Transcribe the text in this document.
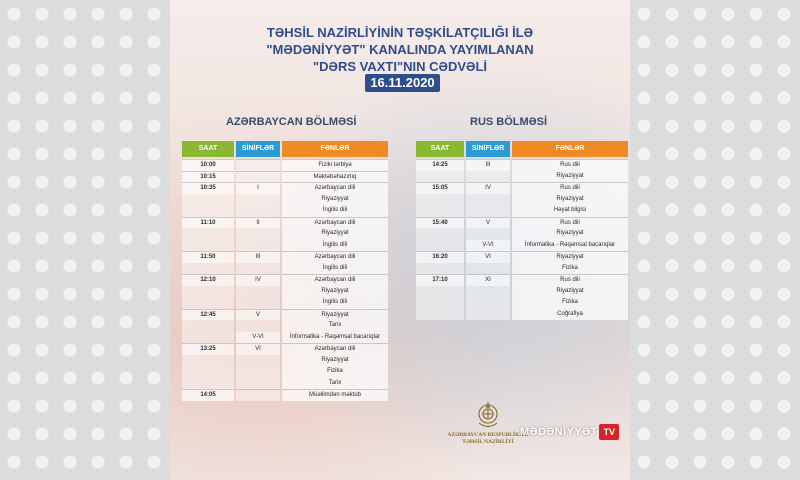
TƏHSİL NAZİRLİYİNİN TƏŞKİLATÇILIĞI İLƏ
"MƏDƏNİYYƏT" KANALINDA YAYIMLANAN
"DƏRS VAXTI"NIN CƏDVƏLİ
16.11.2020
AZƏRBAYCAN BÖLMƏSİ	RUS BÖLMƏSİ
SAAT	SİNİFLƏR	FƏNLƏR
10:00	Fiziki tərbiyə
10:15	Məktəbəhazırlıq
10:35	I	Azərbaycan dili
Riyaziyyat
İngilis dili
11:10	II	Azərbaycan dili
Riyaziyyat
İngilis dili
11:50	III	Azərbaycan dili
İngilis dili
12:10	IV	Azərbaycan dili
Riyaziyyat
İngilis dili
12:45	V	Riyaziyyat
Tarix
V-VI	İnformatika - Rəqəmsal bacarıqlar
13:25	VI	Azərbaycan dili
Riyaziyyat
Fizika
Tarix
14:05	Müəllimdən məktub
SAAT	SİNİFLƏR	FƏNLƏR
14:25	III	Rus dili
Riyaziyyat
15:05	IV	Rus dili
Riyaziyyat
Həyat bilgisi
15:40	V	Rus dili
Riyaziyyat
V-VI	İnformatika - Rəqəmsal bacarıqlar
16:20	VI	Riyaziyyat
Fizika
17:10	XI	Rus dili
Riyaziyyat
Fizika
Coğrafiya
AZƏRBAYCAN RESPUBLİKASI
TƏHSİL NAZİRLİYİ
MƏDƏNİYYƏT TV
